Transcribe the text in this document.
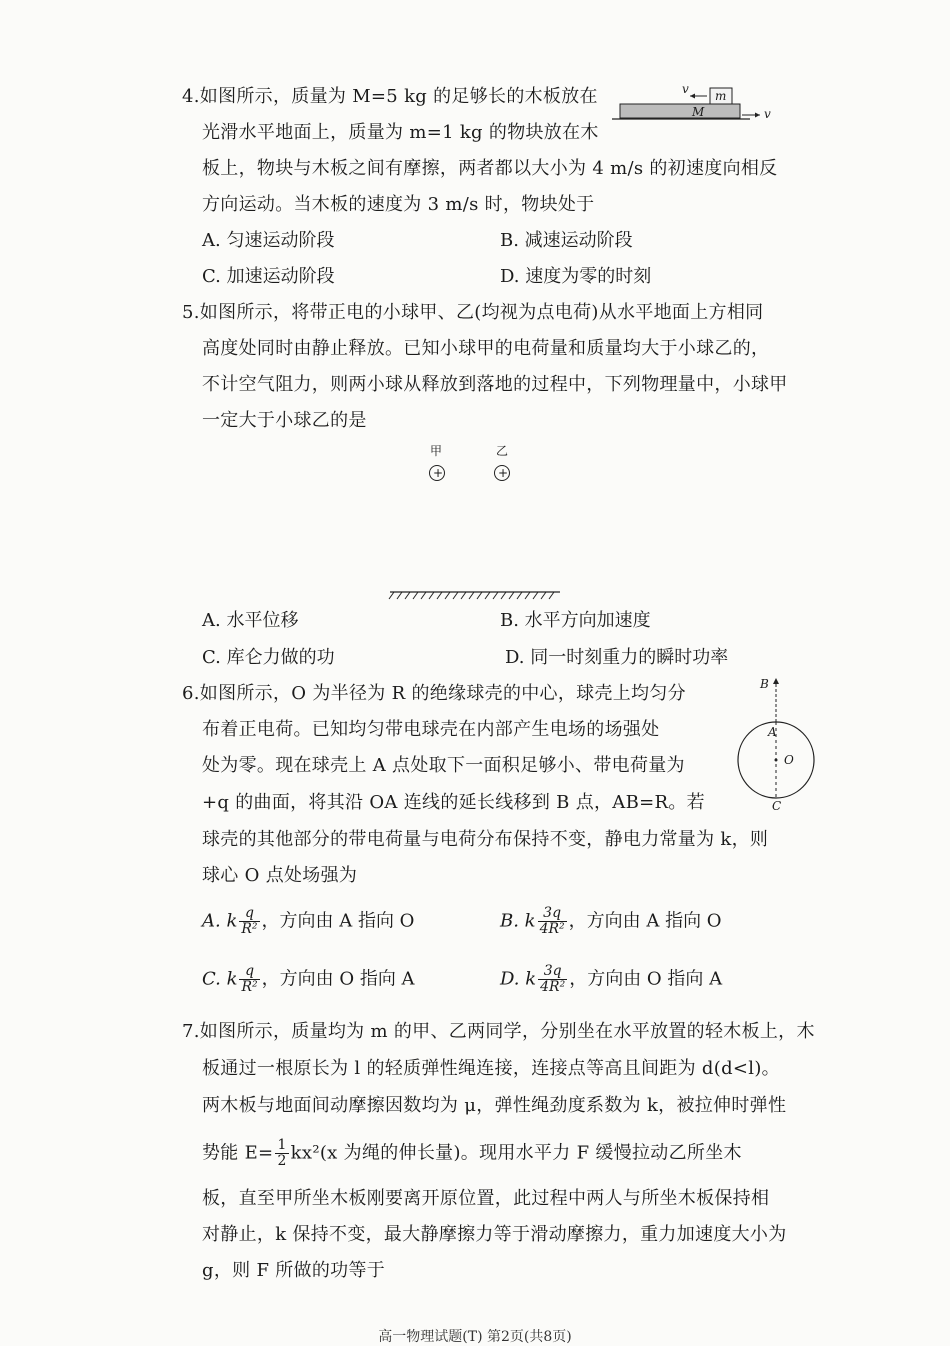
4.如图所示，质量为 M=5 kg 的足够长的木板放在
光滑水平地面上，质量为 m=1 kg 的物块放在木
板上，物块与木板之间有摩擦，两者都以大小为 4 m/s 的初速度向相反
方向运动。当木板的速度为 3 m/s 时，物块处于
A. 匀速运动阶段	B. 减速运动阶段
C. 加速运动阶段	D. 速度为零的时刻
m
v
M	v
5.如图所示，将带正电的小球甲、乙(均视为点电荷)从水平地面上方相同
高度处同时由静止释放。已知小球甲的电荷量和质量均大于小球乙的，
不计空气阻力，则两小球从释放到落地的过程中，下列物理量中，小球甲
一定大于小球乙的是
甲	乙
+	+
A. 水平位移	B. 水平方向加速度
C. 库仑力做的功	D. 同一时刻重力的瞬时功率
6.如图所示，O 为半径为 R 的绝缘球壳的中心，球壳上均匀分
布着正电荷。已知均匀带电球壳在内部产生电场的场强处
处为零。现在球壳上 A 点处取下一面积足够小、带电荷量为
+q 的曲面，将其沿 OA 连线的延长线移到 B 点，AB=R。若
球壳的其他部分的带电荷量与电荷分布保持不变，静电力常量为 k，则
球心 O 点处场强为
B
A
O
C
A. k $\frac{q}{\text{R²}}$ ，方向由 A 指向 O	B. k $\frac{3q}{\text{4R²}}$ ，方向由 A 指向 O
C. k $\frac{q}{\text{R²}}$ ，方向由 O 指向 A	D. k $\frac{3q}{\text{4R²}}$ ，方向由 O 指向 A
7.如图所示，质量均为 m 的甲、乙两同学，分别坐在水平放置的轻木板上，木
板通过一根原长为 l 的轻质弹性绳连接，连接点等高且间距为 d(d<l)。
两木板与地面间动摩擦因数均为 μ，弹性绳劲度系数为 k，被拉伸时弹性
势能 $E= \frac{1}{2} kx^2(x$ 为绳的伸长量)。现用水平力 F 缓慢拉动乙所坐木
板，直至甲所坐木板刚要离开原位置，此过程中两人与所坐木板保持相
对静止，k 保持不变，最大静摩擦力等于滑动摩擦力，重力加速度大小为
g，则 F 所做的功等于
高一物理试题(T) 第2页(共8页)
